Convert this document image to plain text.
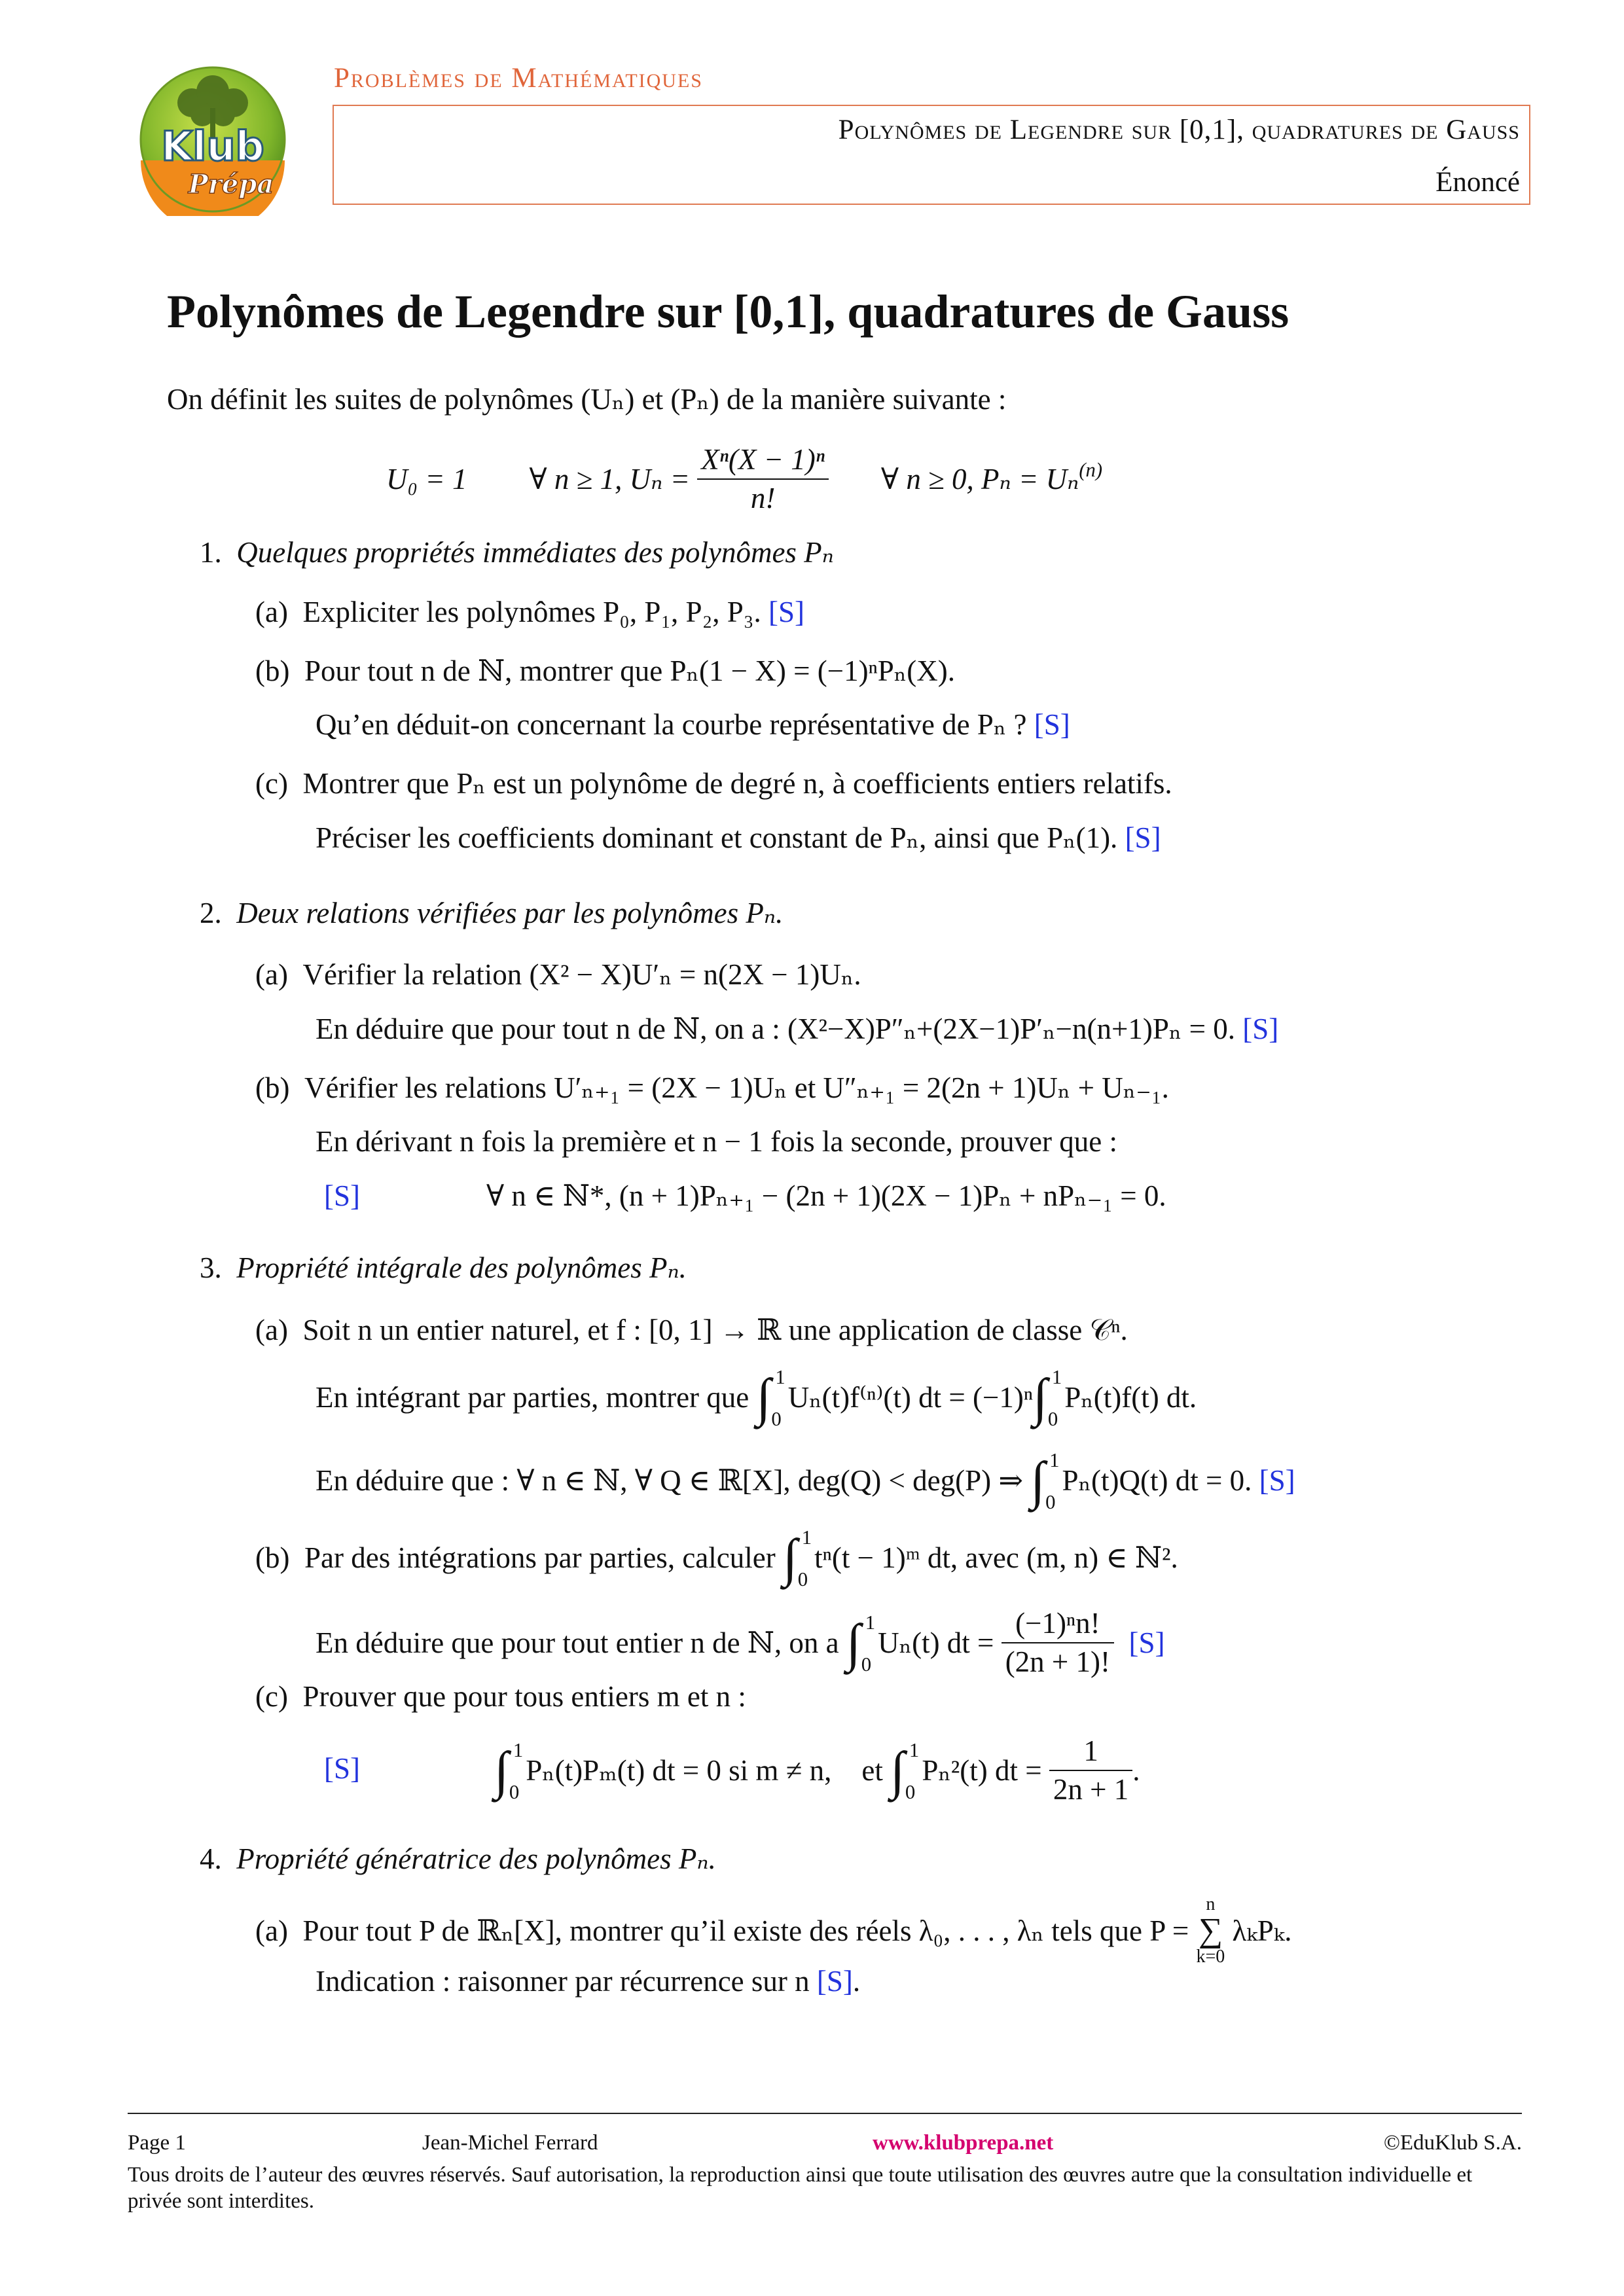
Klub
Prépa
Problèmes de Mathématiques
Polynômes de Legendre sur [0,1], quadratures de Gauss
Énoncé
Polynômes de Legendre sur [0,1], quadratures de Gauss
On définit les suites de polynômes (Uₙ) et (Pₙ) de la manière suivante :
U₀ = 1 ∀ n ≥ 1, Uₙ =
$\frac{\text{Xⁿ(X − 1)ⁿ}}{n!}$ ∀ n ≥ 0, Pₙ = Uₙ$^{(n)}$
1. Quelques propriétés immédiates des polynômes Pₙ
(a) Expliciter les polynômes P₀, P₁, P₂, P₃. [S]
(b) Pour tout n de ℕ, montrer que Pₙ(1 − X) = (−1)ⁿPₙ(X).
Qu’en déduit-on concernant la courbe représentative de Pₙ ? [S]
(c) Montrer que Pₙ est un polynôme de degré n, à coefficients entiers relatifs.
Préciser les coefficients dominant et constant de Pₙ, ainsi que Pₙ(1). [S]
2. Deux relations vérifiées par les polynômes Pₙ.
(a) Vérifier la relation (X² − X)U′ₙ = n(2X − 1)Uₙ.
En déduire que pour tout n de ℕ, on a : (X²−X)P″ₙ+(2X−1)P′ₙ−n(n+1)Pₙ = 0. [S]
(b) Vérifier les relations U′ₙ₊₁ = (2X − 1)Uₙ et U″ₙ₊₁ = 2(2n + 1)Uₙ + Uₙ₋₁.
En dérivant n fois la première et n − 1 fois la seconde, prouver que :
[S]	∀ n ∈ ℕ*, (n + 1)Pₙ₊₁ − (2n + 1)(2X − 1)Pₙ + nPₙ₋₁ = 0.
3. Propriété intégrale des polynômes Pₙ.
(a) Soit n un entier naturel, et f : [0, 1] → ℝ une application de classe 𝒞ⁿ.
En intégrant par parties, montrer que
∫ 1
0
Uₙ(t)f⁽ⁿ⁾(t) dt = (−1)ⁿ ∫ 1
0
Pₙ(t)f(t) dt.
En déduire que : ∀ n ∈ ℕ, ∀ Q ∈ ℝ[X], deg(Q) < deg(P) ⇒
∫ 1
0
Pₙ(t)Q(t) dt = 0.
[S]
(b)
Par des intégrations par parties, calculer
∫ 1
0
tⁿ(t − 1)ᵐ dt, avec (m, n) ∈ ℕ².
En déduire que pour tout entier n de ℕ, on a
∫ 1
0
Uₙ(t) dt =
$\frac{\text{(−1)ⁿn!}}{(2n + 1)!}$
[S]
(c) Prouver que pour tous entiers m et n :
[S]	∫ 1
0
Pₙ(t)Pₘ(t) dt = 0 si m ≠ n, et
∫ 1
0
Pₙ²(t) dt =
$\frac{1}{2n + 1}$ .
4. Propriété génératrice des polynômes Pₙ.
(a)
Pour tout P de ℝₙ[X], montrer qu’il existe des réels λ₀, . . . , λₙ tels que P =

n
∑
k=0

λₖPₖ.
Indication : raisonner par récurrence sur n [S].
Page 1	Jean-Michel Ferrard	www.klubprepa.net	©EduKlub S.A.
Tous droits de l’auteur des œuvres réservés. Sauf autorisation, la reproduction ainsi que toute utilisation des œuvres autre que la consultation individuelle et privée sont interdites.
